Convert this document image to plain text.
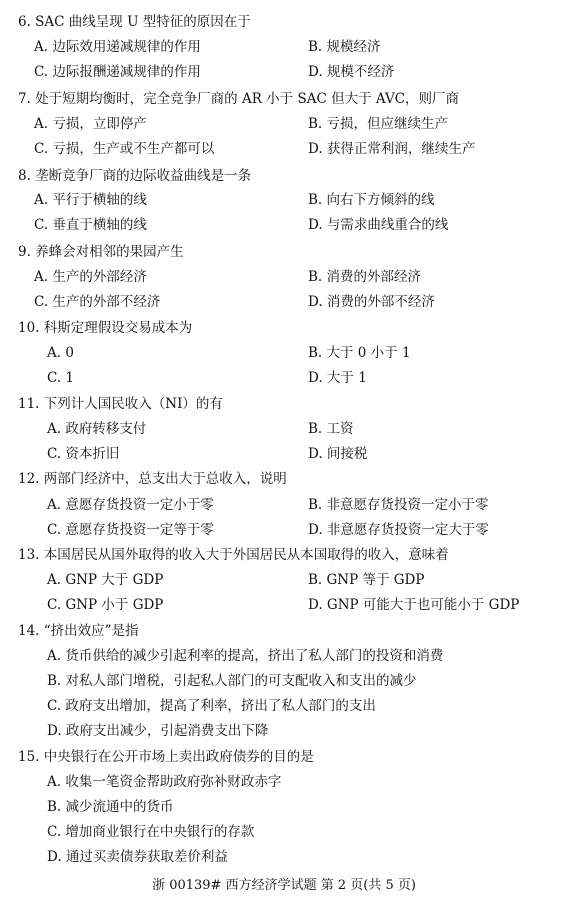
6. SAC 曲线呈现 U 型特征的原因在于
A. 边际效用递减规律的作用	B. 规模经济
C. 边际报酬递减规律的作用	D. 规模不经济
7. 处于短期均衡时，完全竞争厂商的 AR 小于 SAC 但大于 AVC，则厂商
A. 亏损，立即停产	B. 亏损，但应继续生产
C. 亏损，生产或不生产都可以	D. 获得正常利润，继续生产
8. 垄断竞争厂商的边际收益曲线是一条
A. 平行于横轴的线	B. 向右下方倾斜的线
C. 垂直于横轴的线	D. 与需求曲线重合的线
9. 养蜂会对相邻的果园产生
A. 生产的外部经济	B. 消费的外部经济
C. 生产的外部不经济	D. 消费的外部不经济
10. 科斯定理假设交易成本为
A. 0	B. 大于 0 小于 1
C. 1	D. 大于 1
11. 下列计人国民收入（NI）的有
A. 政府转移支付	B. 工资
C. 资本折旧	D. 间接税
12. 两部门经济中，总支出大于总收入，说明
A. 意愿存货投资一定小于零	B. 非意愿存货投资一定小于零
C. 意愿存货投资一定等于零	D. 非意愿存货投资一定大于零
13. 本国居民从国外取得的收入大于外国居民从本国取得的收入，意味着
A. GNP 大于 GDP	B. GNP 等于 GDP
C. GNP 小于 GDP	D. GNP 可能大于也可能小于 GDP
14. “挤出效应”是指
A. 货币供给的减少引起利率的提高，挤出了私人部门的投资和消费
B. 对私人部门增税，引起私人部门的可支配收入和支出的减少
C. 政府支出增加，提高了利率，挤出了私人部门的支出
D. 政府支出减少，引起消费支出下降
15. 中央银行在公开市场上卖出政府债券的目的是
A. 收集一笔资金帮助政府弥补财政赤字
B. 减少流通中的货币
C. 增加商业银行在中央银行的存款
D. 通过买卖债券获取差价利益
浙 00139# 西方经济学试题 第 2 页(共 5 页)
